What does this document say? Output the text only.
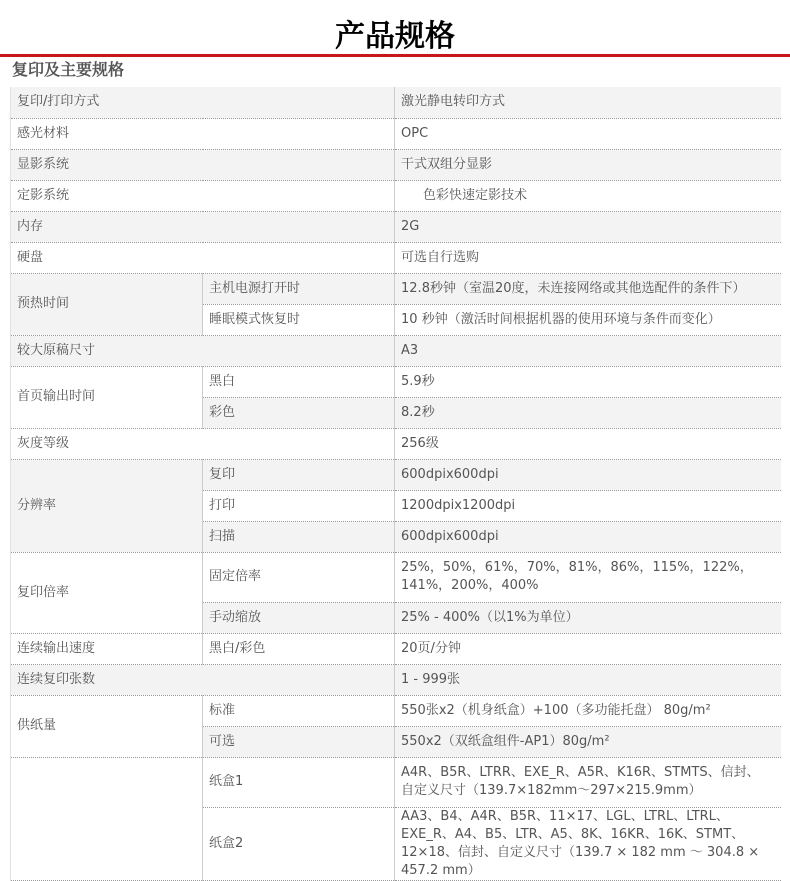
产品规格
复印及主要规格
复印/打印方式		激光静电转印方式
感光材料		OPC
显影系统		干式双组分显影
定影系统		色彩快速定影技术
内存		2G
硬盘		可选自行选购
预热时间	主机电源打开时	12.8秒钟（室温20度，未连接网络或其他选配件的条件下）
	睡眠模式恢复时	10 秒钟（激活时间根据机器的使用环境与条件而变化）
较大原稿尺寸		A3
首页输出时间	黑白	5.9秒
	彩色	8.2秒
灰度等级		256级
分辨率	复印	600dpix600dpi
	打印	1200dpix1200dpi
	扫描	600dpix600dpi
复印倍率	固定倍率	25%，50%，61%，70%，81%，86%，115%，122%，141%，200%，400%
	手动缩放	25% - 400%（以1%为单位）
连续输出速度	黑白/彩色	20页/分钟
连续复印张数		1 - 999张
供纸量	标准	550张x2（机身纸盒）+100（多功能托盘） 80g/m²
	可选	550x2（双纸盒组件-AP1）80g/m²
	纸盒1	A4R、B5R、LTRR、EXE_R、A5R、K16R、STMTS、信封、自定义尺寸（139.7×182mm～297×215.9mm）
	纸盒2	AA3、B4、A4R、B5R、11×17、LGL、LTRL、LTRL、EXE_R、A4、B5、LTR、A5、8K、16KR、16K、STMT、12×18、信封、自定义尺寸（139.7 × 182 mm ～ 304.8 × 457.2 mm）
